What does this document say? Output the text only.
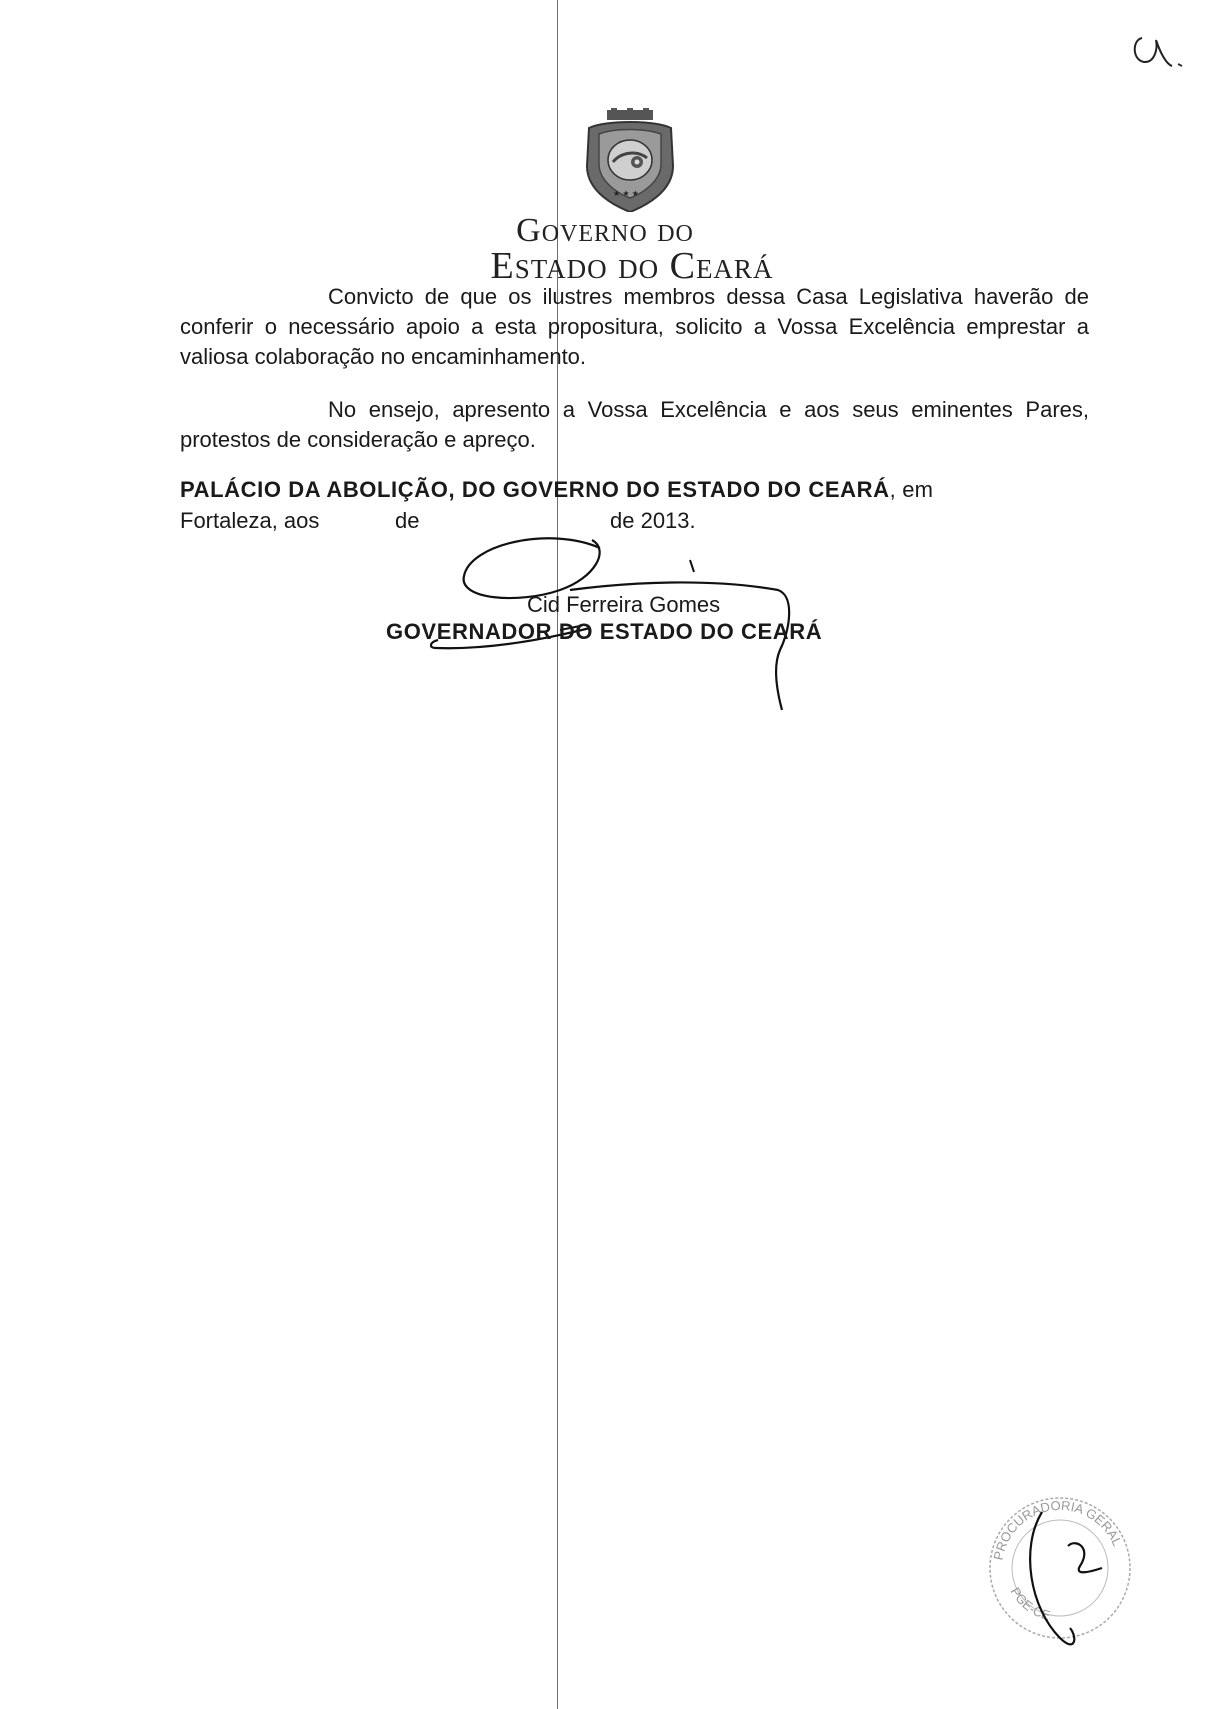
★ ★ ★
Governo do
Estado do Ceará
Convicto de que os ilustres membros dessa Casa Legislativa haverão de conferir o necessário apoio a esta propositura, solicito a Vossa Excelência emprestar a valiosa colaboração no encaminhamento.
No ensejo, apresento a Vossa Excelência e aos seus eminentes Pares, protestos de consideração e apreço.
PALÁCIO DA ABOLIÇÃO, DO GOVERNO DO ESTADO DO CEARÁ, em
Fortaleza, aos	de	de 2013.
Cid Ferreira Gomes
GOVERNADOR DO ESTADO DO CEARÁ
PROCURADORIA GERAL
PGE-CE
